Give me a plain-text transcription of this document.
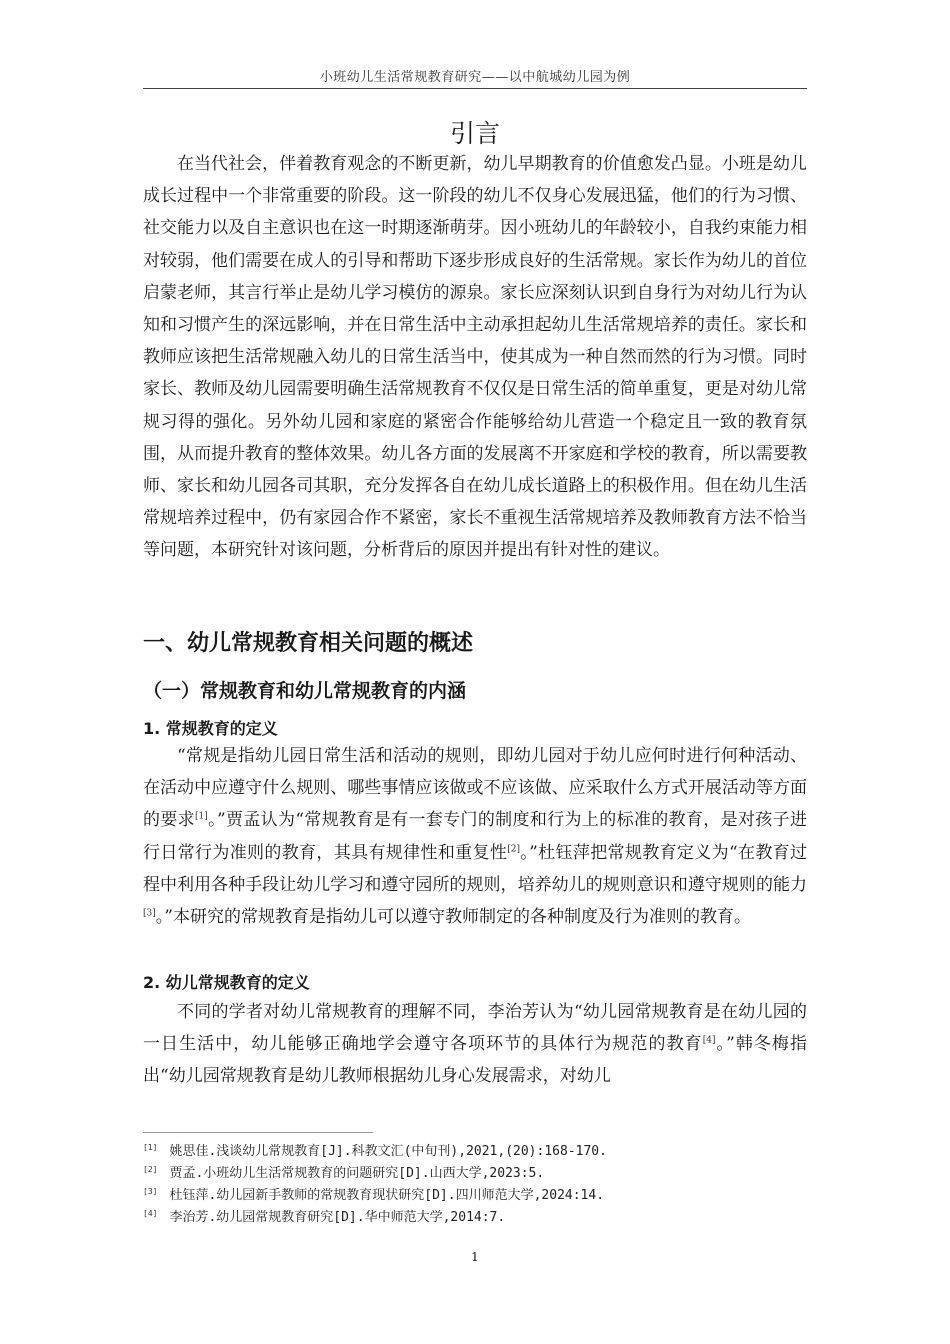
小班幼儿生活常规教育研究——以中航城幼儿园为例
引言

在当代社会，伴着教育观念的不断更新，幼儿早期教育的价值愈发凸显。小班是幼儿成长过程中一个非常重要的阶段。这一阶段的幼儿不仅身心发展迅猛，他们的行为习惯、社交能力以及自主意识也在这一时期逐渐萌芽。因小班幼儿的年龄较小，自我约束能力相对较弱，他们需要在成人的引导和帮助下逐步形成良好的生活常规。家长作为幼儿的首位启蒙老师，其言行举止是幼儿学习模仿的源泉。家长应深刻认识到自身行为对幼儿行为认知和习惯产生的深远影响，并在日常生活中主动承担起幼儿生活常规培养的责任。家长和教师应该把生活常规融入幼儿的日常生活当中，使其成为一种自然而然的行为习惯。同时家长、教师及幼儿园需要明确生活常规教育不仅仅是日常生活的简单重复，更是对幼儿常规习得的强化。另外幼儿园和家庭的紧密合作能够给幼儿营造一个稳定且一致的教育氛围，从而提升教育的整体效果。幼儿各方面的发展离不开家庭和学校的教育，所以需要教师、家长和幼儿园各司其职，充分发挥各自在幼儿成长道路上的积极作用。但在幼儿生活常规培养过程中，仍有家园合作不紧密，家长不重视生活常规培养及教师教育方法不恰当等问题，本研究针对该问题，分析背后的原因并提出有针对性的建议。

一、幼儿常规教育相关问题的概述
（一）常规教育和幼儿常规教育的内涵
1. 常规教育的定义

“常规是指幼儿园日常生活和活动的规则，即幼儿园对于幼儿应何时进行何种活动、在活动中应遵守什么规则、哪些事情应该做或不应该做、应采取什么方式开展活动等方面的要求[1]。”贾孟认为“常规教育是有一套专门的制度和行为上的标准的教育，是对孩子进行日常行为准则的教育，其具有规律性和重复性[2]。”杜钰萍把常规教育定义为“在教育过程中利用各种手段让幼儿学习和遵守园所的规则，培养幼儿的规则意识和遵守规则的能力[3]。”本研究的常规教育是指幼儿可以遵守教师制定的各种制度及行为准则的教育。

2. 幼儿常规教育的定义

不同的学者对幼儿常规教育的理解不同，李治芳认为“幼儿园常规教育是在幼儿园的一日生活中，幼儿能够正确地学会遵守各项环节的具体行为规范的教育[4]。”韩冬梅指出“幼儿园常规教育是幼儿教师根据幼儿身心发展需求，对幼儿

[1] 姚思佳.浅谈幼儿常规教育[J].科教文汇(中旬刊),2021,(20):168-170.

[2] 贾孟.小班幼儿生活常规教育的问题研究[D].山西大学,2023:5.

[3] 杜钰萍.幼儿园新手教师的常规教育现状研究[D].四川师范大学,2024:14.

[4] 李治芳.幼儿园常规教育研究[D].华中师范大学,2014:7.

1
